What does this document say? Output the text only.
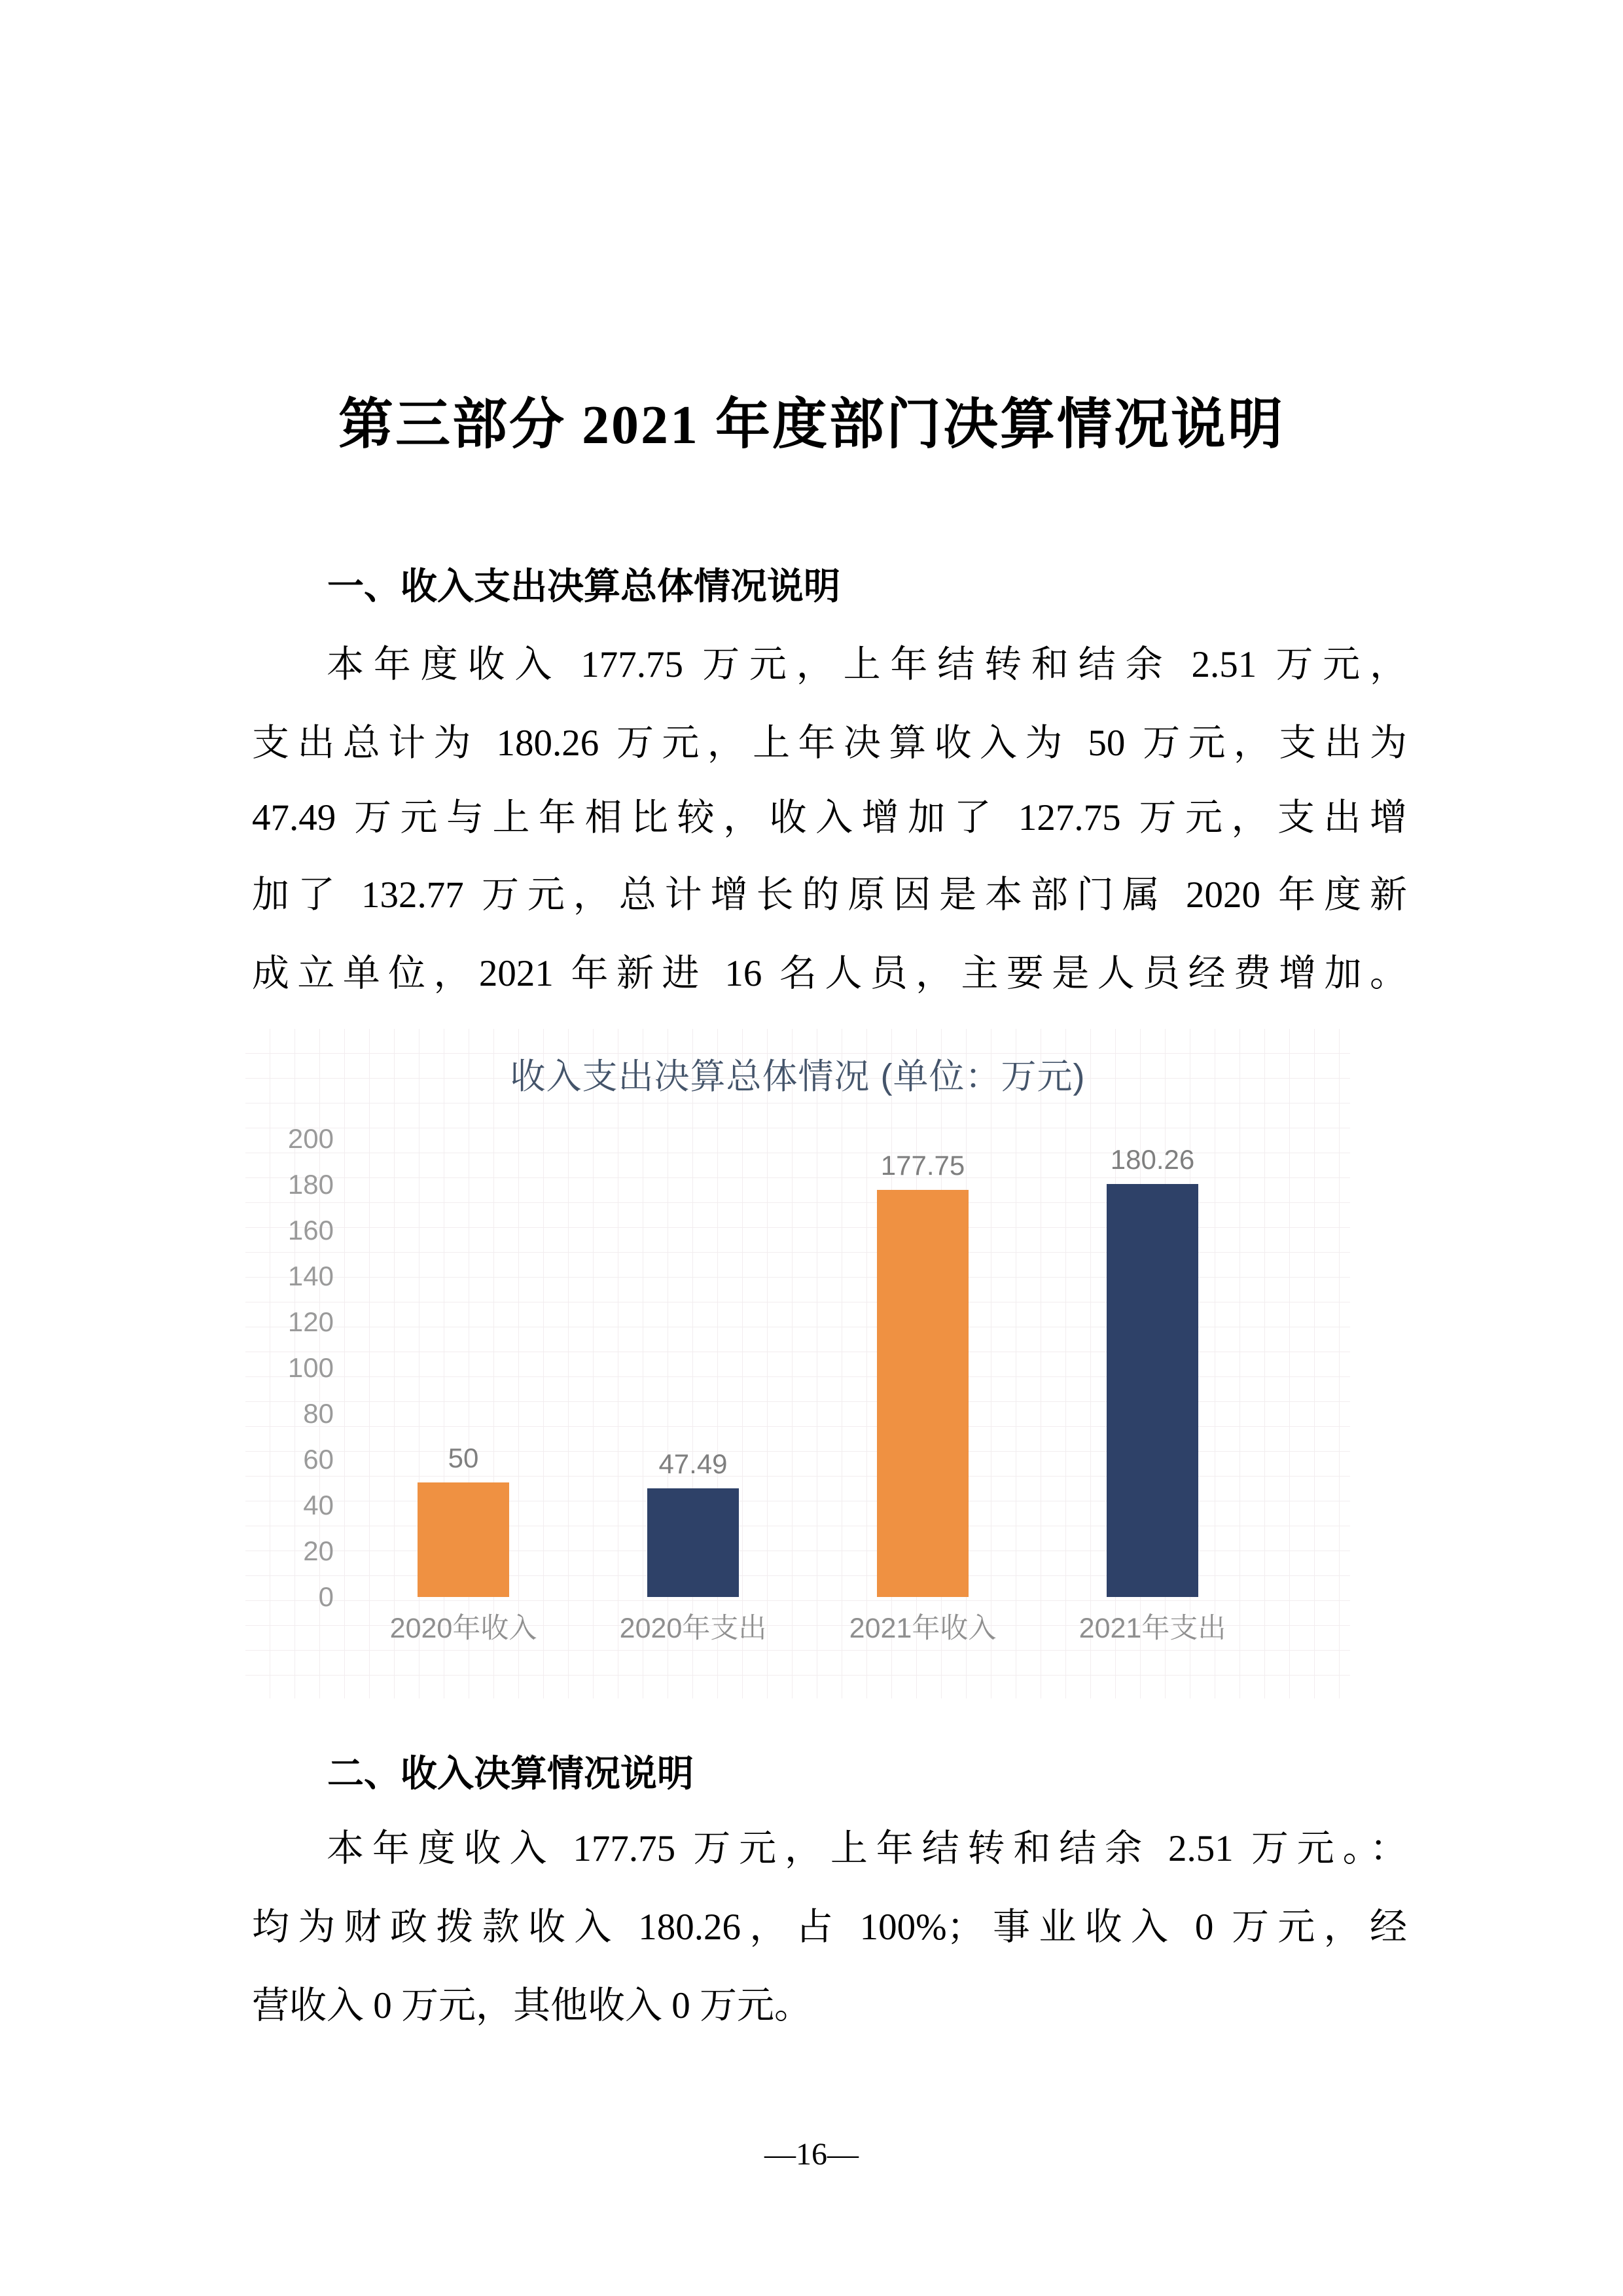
第三部分 2021 年度部门决算情况说明
一、收入支出决算总体情况说明
本年度收入 177.75 万元，上年结转和结余 2.51 万元，
支出总计为 180.26 万元，上年决算收入为 50 万元，支出为
47.49 万元与上年相比较，收入增加了 127.75 万元，支出增
加了 132.77 万元，总计增长的原因是本部门属 2020 年度新
成立单位，2021 年新进 16 名人员，主要是人员经费增加。
收入支出决算总体情况 (单位：万元)
200
180
160
140
120
100
80
60
40
20
0
50
2020年收入
47.49
2020年支出
177.75
2021年收入
180.26
2021年支出
二、收入决算情况说明
本年度收入 177.75 万元，上年结转和结余 2.51 万元。：
均为财政拨款收入 180.26，占 100%；事业收入 0 万元，经
营收入 0 万元，其他收入 0 万元。
—16—
